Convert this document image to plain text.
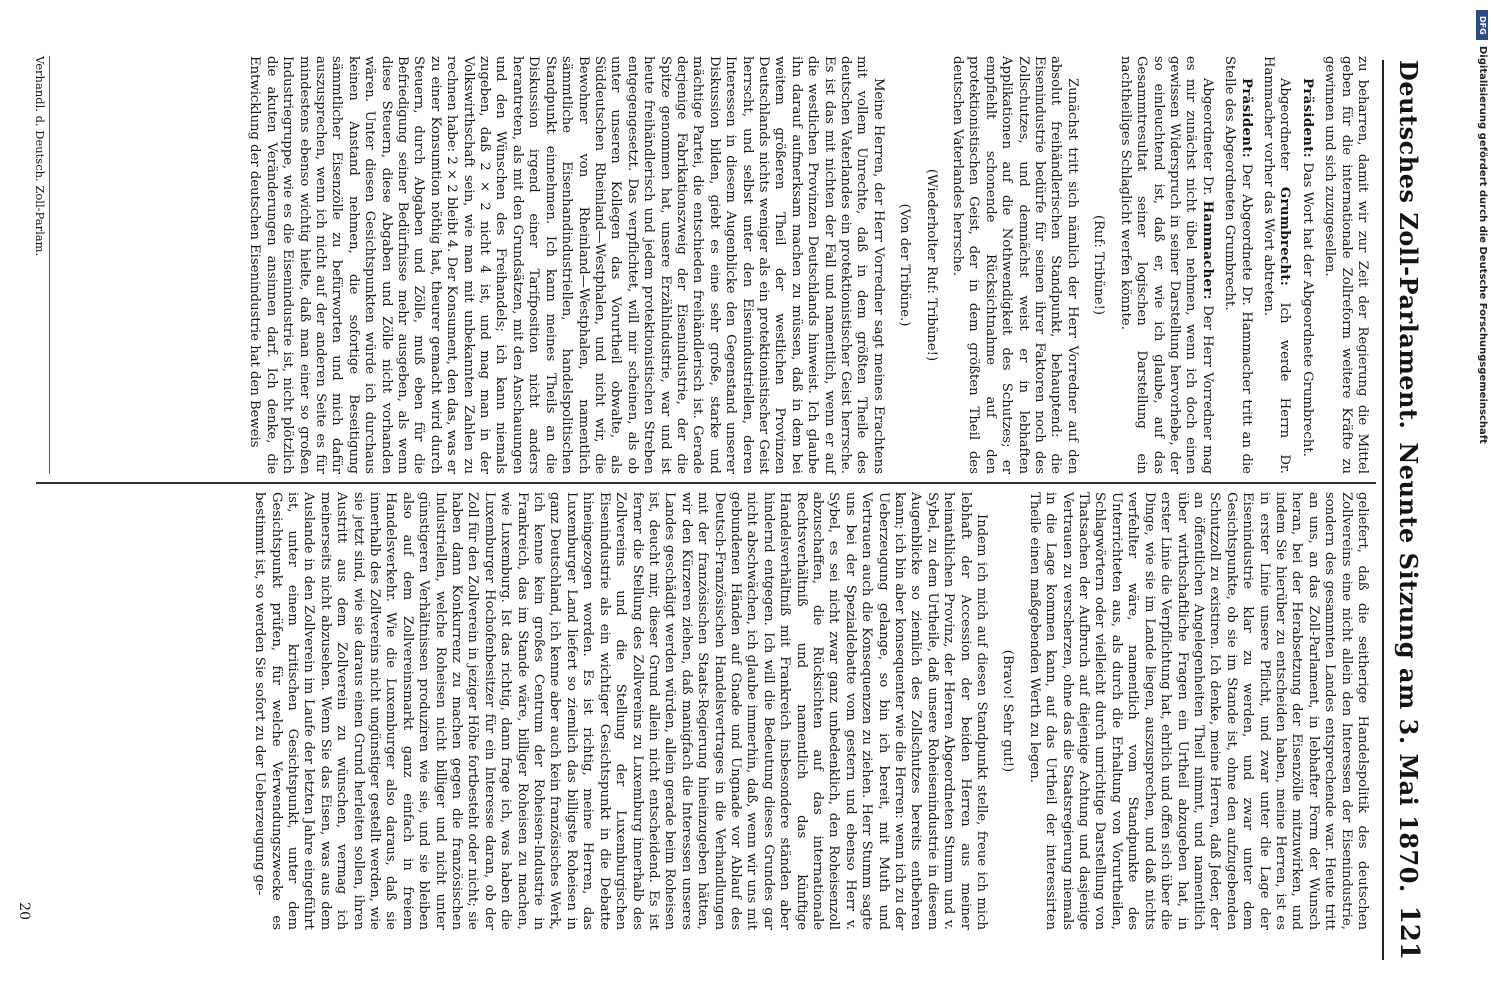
Deutsches Zoll-Parlament.
Neunte Sitzung am 3. Mai 1870.
121

zu beharren, damit wir zur Zeit der Regierung die Mittel geben für die internationale Zollreform weitere Kräfte zu gewinnen und sich zuzugesellen.

Präsident: Das Wort hat der Abgeordnete Grumbrecht.

Abgeordneter Grumbrecht: Ich werde Herrn Dr. Hammacher vorher das Wort abtreten.

Präsident: Der Abgeordnete Dr. Hammacher tritt an die Stelle des Abgeordneten Grumbrecht.

Abgeordneter Dr. Hammacher: Der Herr Vorredner mag es mir zunächst nicht übel nehmen, wenn ich doch einen gewissen Widerspruch in seiner Darstellung hervorhebe, der so einleuchtend ist, daß er, wie ich glaube, auf das Gesammtresultat seiner logischen Darstellung ein nachtheiliges Schlaglicht werfen könnte.

(Ruf: Tribüne!)

Zunächst tritt sich nämlich der Herr Vorredner auf den absolut freihändlerischen Standpunkt, behauptend: die Eisenindustrie bedürfe für seinen ihrer Faktoren noch des Zollschutzes, und demnächst weist er in lebhaften Applikationen auf die Nothwendigkeit des Schutzes; er empfiehlt schonende Rücksichtnahme auf den protektionistischen Geist, der in dem größten Theil des deutschen Vaterlandes herrsche.

(Wiederholter Ruf: Tribüne!)

(Von der Tribüne.)

Meine Herren, der Herr Vorredner sagt meines Erachtens mit vollem Unrechte, daß in dem größten Theile des deutschen Vaterlandes ein protektionistischer Geist herrsche. Es ist das mit nichten der Fall und namentlich, wenn er auf die westlichen Provinzen Deutschlands hinweist. Ich glaube ihn darauf aufmerksam machen zu müssen, daß in dem bei weitem größeren Theil der westlichen Provinzen Deutschlands nichts weniger als ein protektionistischer Geist herrscht, und selbst unter den Eisenindustriellen, deren Interessen in diesem Augenblicke den Gegenstand unserer Diskussion bilden, giebt es eine sehr große, starke und mächtige Partei, die entschieden freihändlerisch ist. Gerade derjenige Fabrikationszweig der Eisenindustrie, der die Spitze genommen hat, unsere Erzählindustrie, war und ist heute freihändlerisch und jedem protektionistischen Streben entgegengesetzt. Das verpflichtet, will mir scheinen, als ob unter unseren Kollegen das Vorurtheil obwalte, als Süddeutschen Rheinland—Westphalen, und nicht wir, die Bewohner von Rheinland—Westphalen, namentlich sämmtliche Eisenhandindustriellen, handelspolitischen Standpunkt einnehmen. Ich kann meines Theils an die Diskussion irgend einer Tarifposition nicht anders herantreten, als mit den Grundsätzen, mit den Anschauungen und den Wünschen des Freihandels; ich kann niemals zugeben, daß 2 × 2 nicht 4 ist, und mag man in der Volkswirthschaft sein, wie man mit unbekannten Zahlen zu rechnen habe: 2 × 2 bleibt 4. Der Konsument, den das, was er zu einer Konsumtion nöthig hat, theurer gemacht wird durch Steuern, durch Abgaben und Zölle, muß eben für die Befriedigung seiner Bedürfnisse mehr ausgeben, als wenn diese Steuern, diese Abgaben und Zölle nicht vorhanden wären. Unter diesen Gesichtspunkten würde ich durchaus keinen Anstand nehmen, die sofortige Beseitigung sämmtlicher Eisenzölle zu befürworten und mich dafür auszusprechen, wenn ich nicht auf der anderen Seite es für mindestens ebenso wichtig hielte, daß man einer so großen Industriegruppe, wie es die Eisenindustrie ist, nicht plötzlich die akuten Veränderungen ansinnen darf. Ich denke, die Entwicklung der deutschen Eisenindustrie hat den Beweis

geliefert, daß die seitherige Handelspolitik des deutschen Zollvereins eine nicht allein den Interessen der Eisenindustrie, sondern des gesammten Landes entsprechende war. Heute tritt an uns, an das Zoll-Parlament, in lebhafter Form der Wunsch heran, bei der Herabsetzung der Eisenzölle mitzuwirken, und indem Sie hierüber zu entscheiden haben, meine Herren, ist es in erster Linie unsere Pflicht, und zwar unter die Lage der Eisenindustrie klar zu werden, und zwar unter dem Gesichtspunkte, ob sie im Stande ist, ohne den aufzugebenden Schutzzoll zu existiren. Ich denke, meine Herren, daß Jeder, der an öffentlichen Angelegenheiten Theil nimmt, und namentlich über wirthschaftliche Fragen ein Urtheil abzugeben hat, in erster Linie die Verpflichtung hat, ehrlich und offen sich über die Dinge, wie sie im Lande liegen, auszusprechen, und daß nichts verfehlter wäre, namentlich vom Standpunkte des Unterrichteten aus, als durch die Erhaltung von Vorurtheilen, Schlagwörtern oder vielleicht durch unrichtige Darstellung von Thatsachen der Aufbruch auf diejenige Achtung und dasjenige Vertrauen zu verscherzen, ohne das die Staatsregierung niemals in die Lage kommen kann, auf das Urtheil der interessirten Theile einen maßgebenden Werth zu legen.

(Bravo! Sehr gut!)

Indem ich mich auf diesen Standpunkt stelle, freue ich mich lebhaft der Accession der beiden Herren aus meiner heimathlichen Provinz, der Herren Abgeordneten Stumm und v. Sybel, zu dem Urtheile, daß unsere Roheisenindustrie in diesem Augenblicke so ziemlich des Zollschutzes bereits entbehren kann; ich bin aber konsequenter wie die Herren: wenn ich zu der Ueberzeugung gelange, so bin ich bereit, mit Muth und Vertrauen auch die Konsequenzen zu ziehen. Herr Stumm sagte uns bei der Spezialdebatte vom gestern und ebenso Herr v. Sybel, es sei nicht zwar ganz unbedenklich, den Roheisenzoll abzuschaffen, die Rücksichten auf das internationale Rechtsverhältniß und namentlich das künftige Handelsverhältniß mit Frankreich insbesondere ständen aber hindernd entgegen. Ich will die Bedeutung dieses Grundes gar nicht abschwächen, ich glaube immerhin, daß, wenn wir uns mit gebundenen Händen auf Gnade und Ungnade vor Ablauf des Deutsch-Französischen Handelsvertrages in die Verhandlungen mit der französischen Staats-Regierung hineinzugeben hätten, wir den Kürzeren ziehen, daß manigfach die Interessen unseres Landes geschädigt werden würden, allein gerade beim Roheisen ist, deucht mir, dieser Grund allein nicht entscheidend. Es ist ferner die Stellung des Zollvereins zu Luxemburg innerhalb des Zollvereins und die Stellung der Luxemburgischen Eisenindustrie als ein wichtiger Gesichtspunkt in die Debatte hineingezogen worden. Es ist richtig, meine Herren, das Luxemburger Land liefert so ziemlich das billigste Roheisen in ganz Deutschland, ich kenne aber auch kein französisches Werk, ich kenne kein großes Centrum der Roheisen-Industrie in Frankreich, das im Stande wäre, billiger Roheisen zu machen, wie Luxemburg. Ist das richtig, dann frage ich, was haben die Luxemburger Hochofenbesitzer für ein Interesse daran, ob der Zoll für den Zollverein in jeziger Höhe fortbesteht oder nicht; sie haben dann Konkurrenz zu machen gegen die französischen Industriellen, welche Roheisen nicht billiger und nicht unter günstigeren Verhältnissen produziren wie sie, und sie bleiben also auf dem Zollvereinsmarkt ganz einfach in freiem Handelsverkehr. Wie die Luxemburger also daraus, daß sie innerhalb des Zollvereins nicht ungünstiger gestellt werden, wie sie jetzt sind, wie sie daraus einen Grund herleiten sollen, ihren Austritt aus dem Zollverein zu wünschen, vermag ich meinerseits nicht abzusehen. Wenn Sie das Eisen, was aus dem Auslande in den Zollverein im Laufe der letzten Jahre eingeführt ist, unter einem kritischen Gesichtspunkt, unter dem Gesichtspunkt prüfen, für welche Verwendungszwecke es bestimmt ist, so werden Sie sofort zu der Ueberzeugung ge-

Verhandl. d. Deutsch. Zoll-Parlam.
20
DFG
Digitalisierung gefördert durch die Deutsche Forschungsgemeinschaft
